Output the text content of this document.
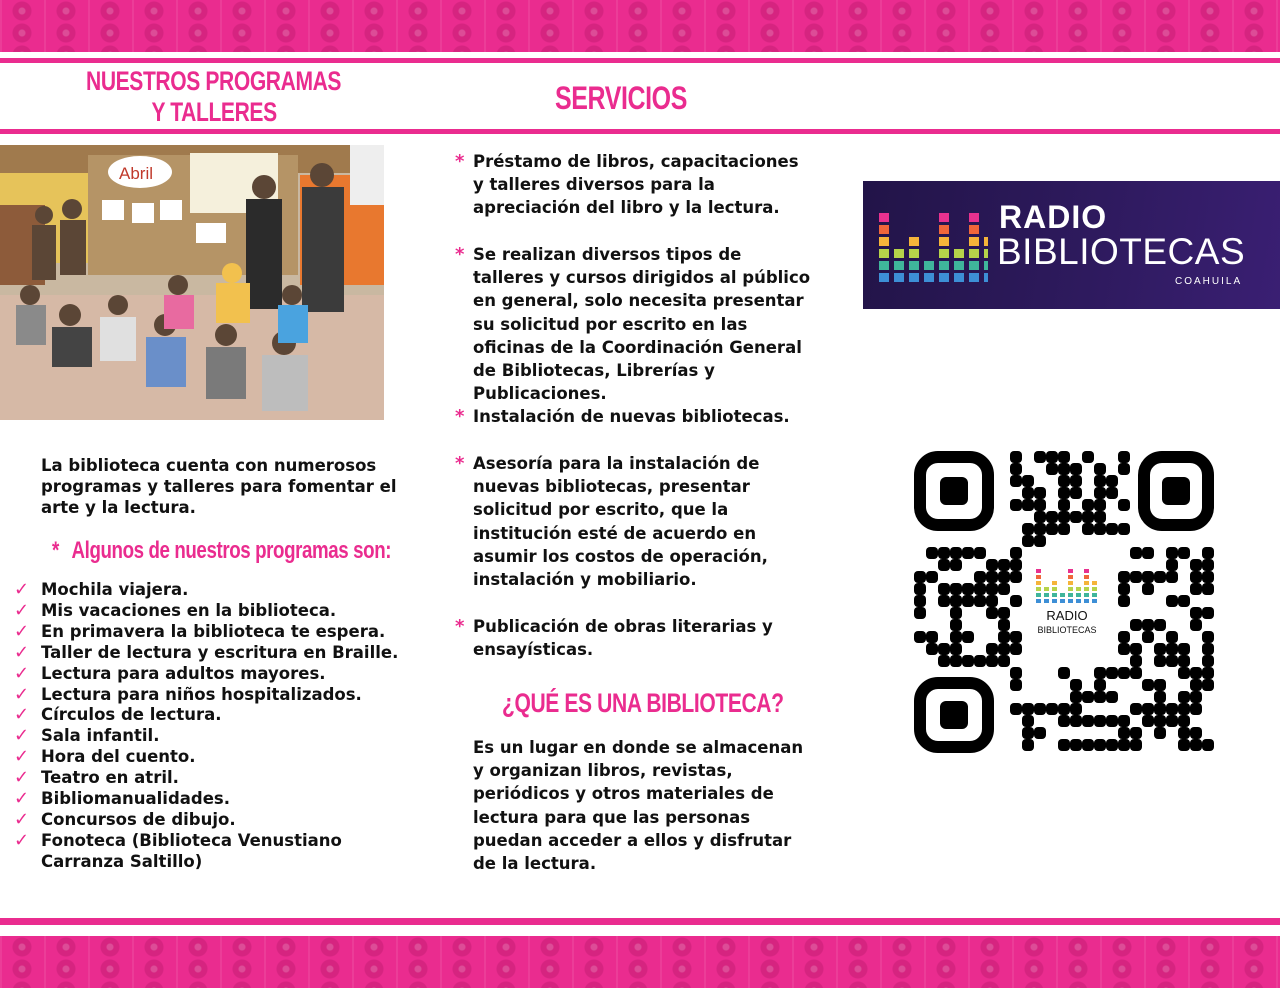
NUESTROS PROGRAMAS
Y TALLERES	SERVICIOS
Abril
La biblioteca cuenta con numerosos programas y talleres para fomentar el arte y la lectura.
* Algunos de nuestros programas son:
✓ Mochila viajera.
✓ Mis vacaciones en la biblioteca.
✓ En primavera la biblioteca te espera.
✓ Taller de lectura y escritura en Braille.
✓ Lectura para adultos mayores.
✓ Lectura para niños hospitalizados.
✓ Círculos de lectura.
✓ Sala infantil.
✓ Hora del cuento.
✓ Teatro en atril.
✓ Bibliomanualidades.
✓ Concursos de dibujo.
✓ Fonoteca (Biblioteca Venustiano Carranza Saltillo)
* Préstamo de libros, capacitaciones y talleres diversos para la apreciación del libro y la lectura.

* Se realizan diversos tipos de talleres y cursos dirigidos al público en general, solo necesita presentar su solicitud por escrito en las oficinas de la Coordinación General de Bibliotecas, Librerías y Publicaciones.

* Instalación de nuevas bibliotecas.

* Asesoría para la instalación de nuevas bibliotecas, presentar solicitud por escrito, que la institución esté de acuerdo en asumir los costos de operación, instalación y mobiliario.

* Publicación de obras literarias y ensayísticas.

¿QUÉ ES UNA BIBLIOTECA?

Es un lugar en donde se almacenan y organizan libros, revistas, periódicos y otros materiales de lectura para que las personas puedan acceder a ellos y disfrutar de la lectura.

RADIO
BIBLIOTECAS
COAHUILA
RADIO
BIBLIOTECAS
